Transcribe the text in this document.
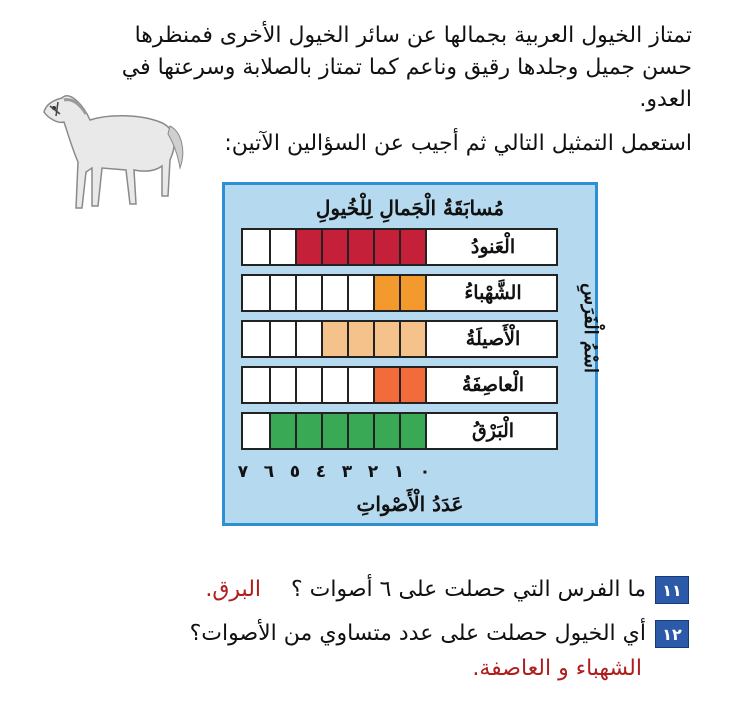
تمتاز الخيول العربية بجمالها عن سائر الخيول الأخرى فمنظرها حسن جميل وجلدها رقيق وناعم كما تمتاز بالصلابة وسرعتها في العدو.
استعمل التمثيل التالي ثم أجيب عن السؤالين الآتين:
مُسابَقَةُ الْجَمالِ لِلْخُيولِ
الْعَنودُ
الشَّهْباءُ
الْأَصيلَةُ
الْعاصِفَةُ
الْبَرْقُ
اسْمُ الْفَرَسِ
٠
١
٢
٣
٤
٥
٦
٧
عَدَدُ الْأَصْواتِ
١١
ما الفرس التي حصلت على ٦ أصوات ؟  البرق.
١٢
أي الخيول حصلت على عدد متساوي من الأصوات؟
الشهباء و العاصفة.
